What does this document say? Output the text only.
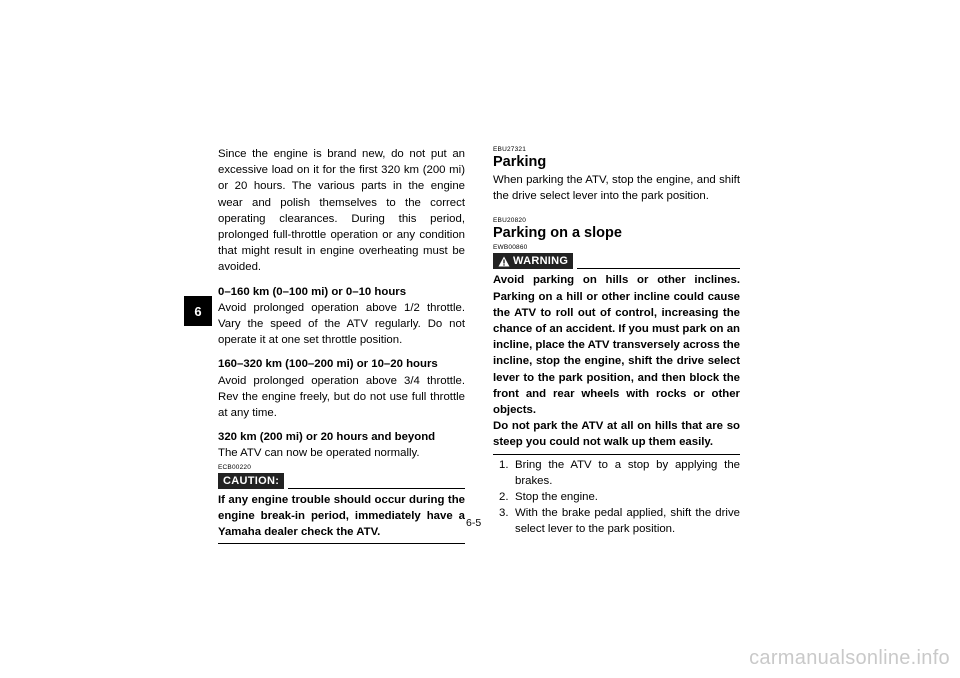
6

Since the engine is brand new, do not put an excessive load on it for the first 320 km (200 mi) or 20 hours. The various parts in the engine wear and polish themselves to the correct operating clearances. During this period, prolonged full-throttle operation or any condition that might result in engine overheating must be avoided.

0–160 km (0–100 mi) or 0–10 hours

Avoid prolonged operation above 1/2 throttle. Vary the speed of the ATV regularly. Do not operate it at one set throttle position.

160–320 km (100–200 mi) or 10–20 hours

Avoid prolonged operation above 3/4 throttle. Rev the engine freely, but do not use full throttle at any time.

320 km (200 mi) or 20 hours and beyond

The ATV can now be operated normally.

ECB00220
CAUTION:

If any engine trouble should occur during the engine break-in period, immediately have a Yamaha dealer check the ATV.

EBU27321
Parking

When parking the ATV, stop the engine, and shift the drive select lever into the park position.

EBU20820
Parking on a slope
EWB00860
WARNING

Avoid parking on hills or other inclines. Parking on a hill or other incline could cause the ATV to roll out of control, increasing the chance of an accident. If you must park on an incline, place the ATV transversely across the incline, stop the engine, shift the drive select lever to the park position, and then block the front and rear wheels with rocks or other objects.

Do not park the ATV at all on hills that are so steep you could not walk up them easily.

1. Bring the ATV to a stop by applying the brakes.
2. Stop the engine.
3. With the brake pedal applied, shift the drive select lever to the park position.
6-5
carmanualsonline.info
